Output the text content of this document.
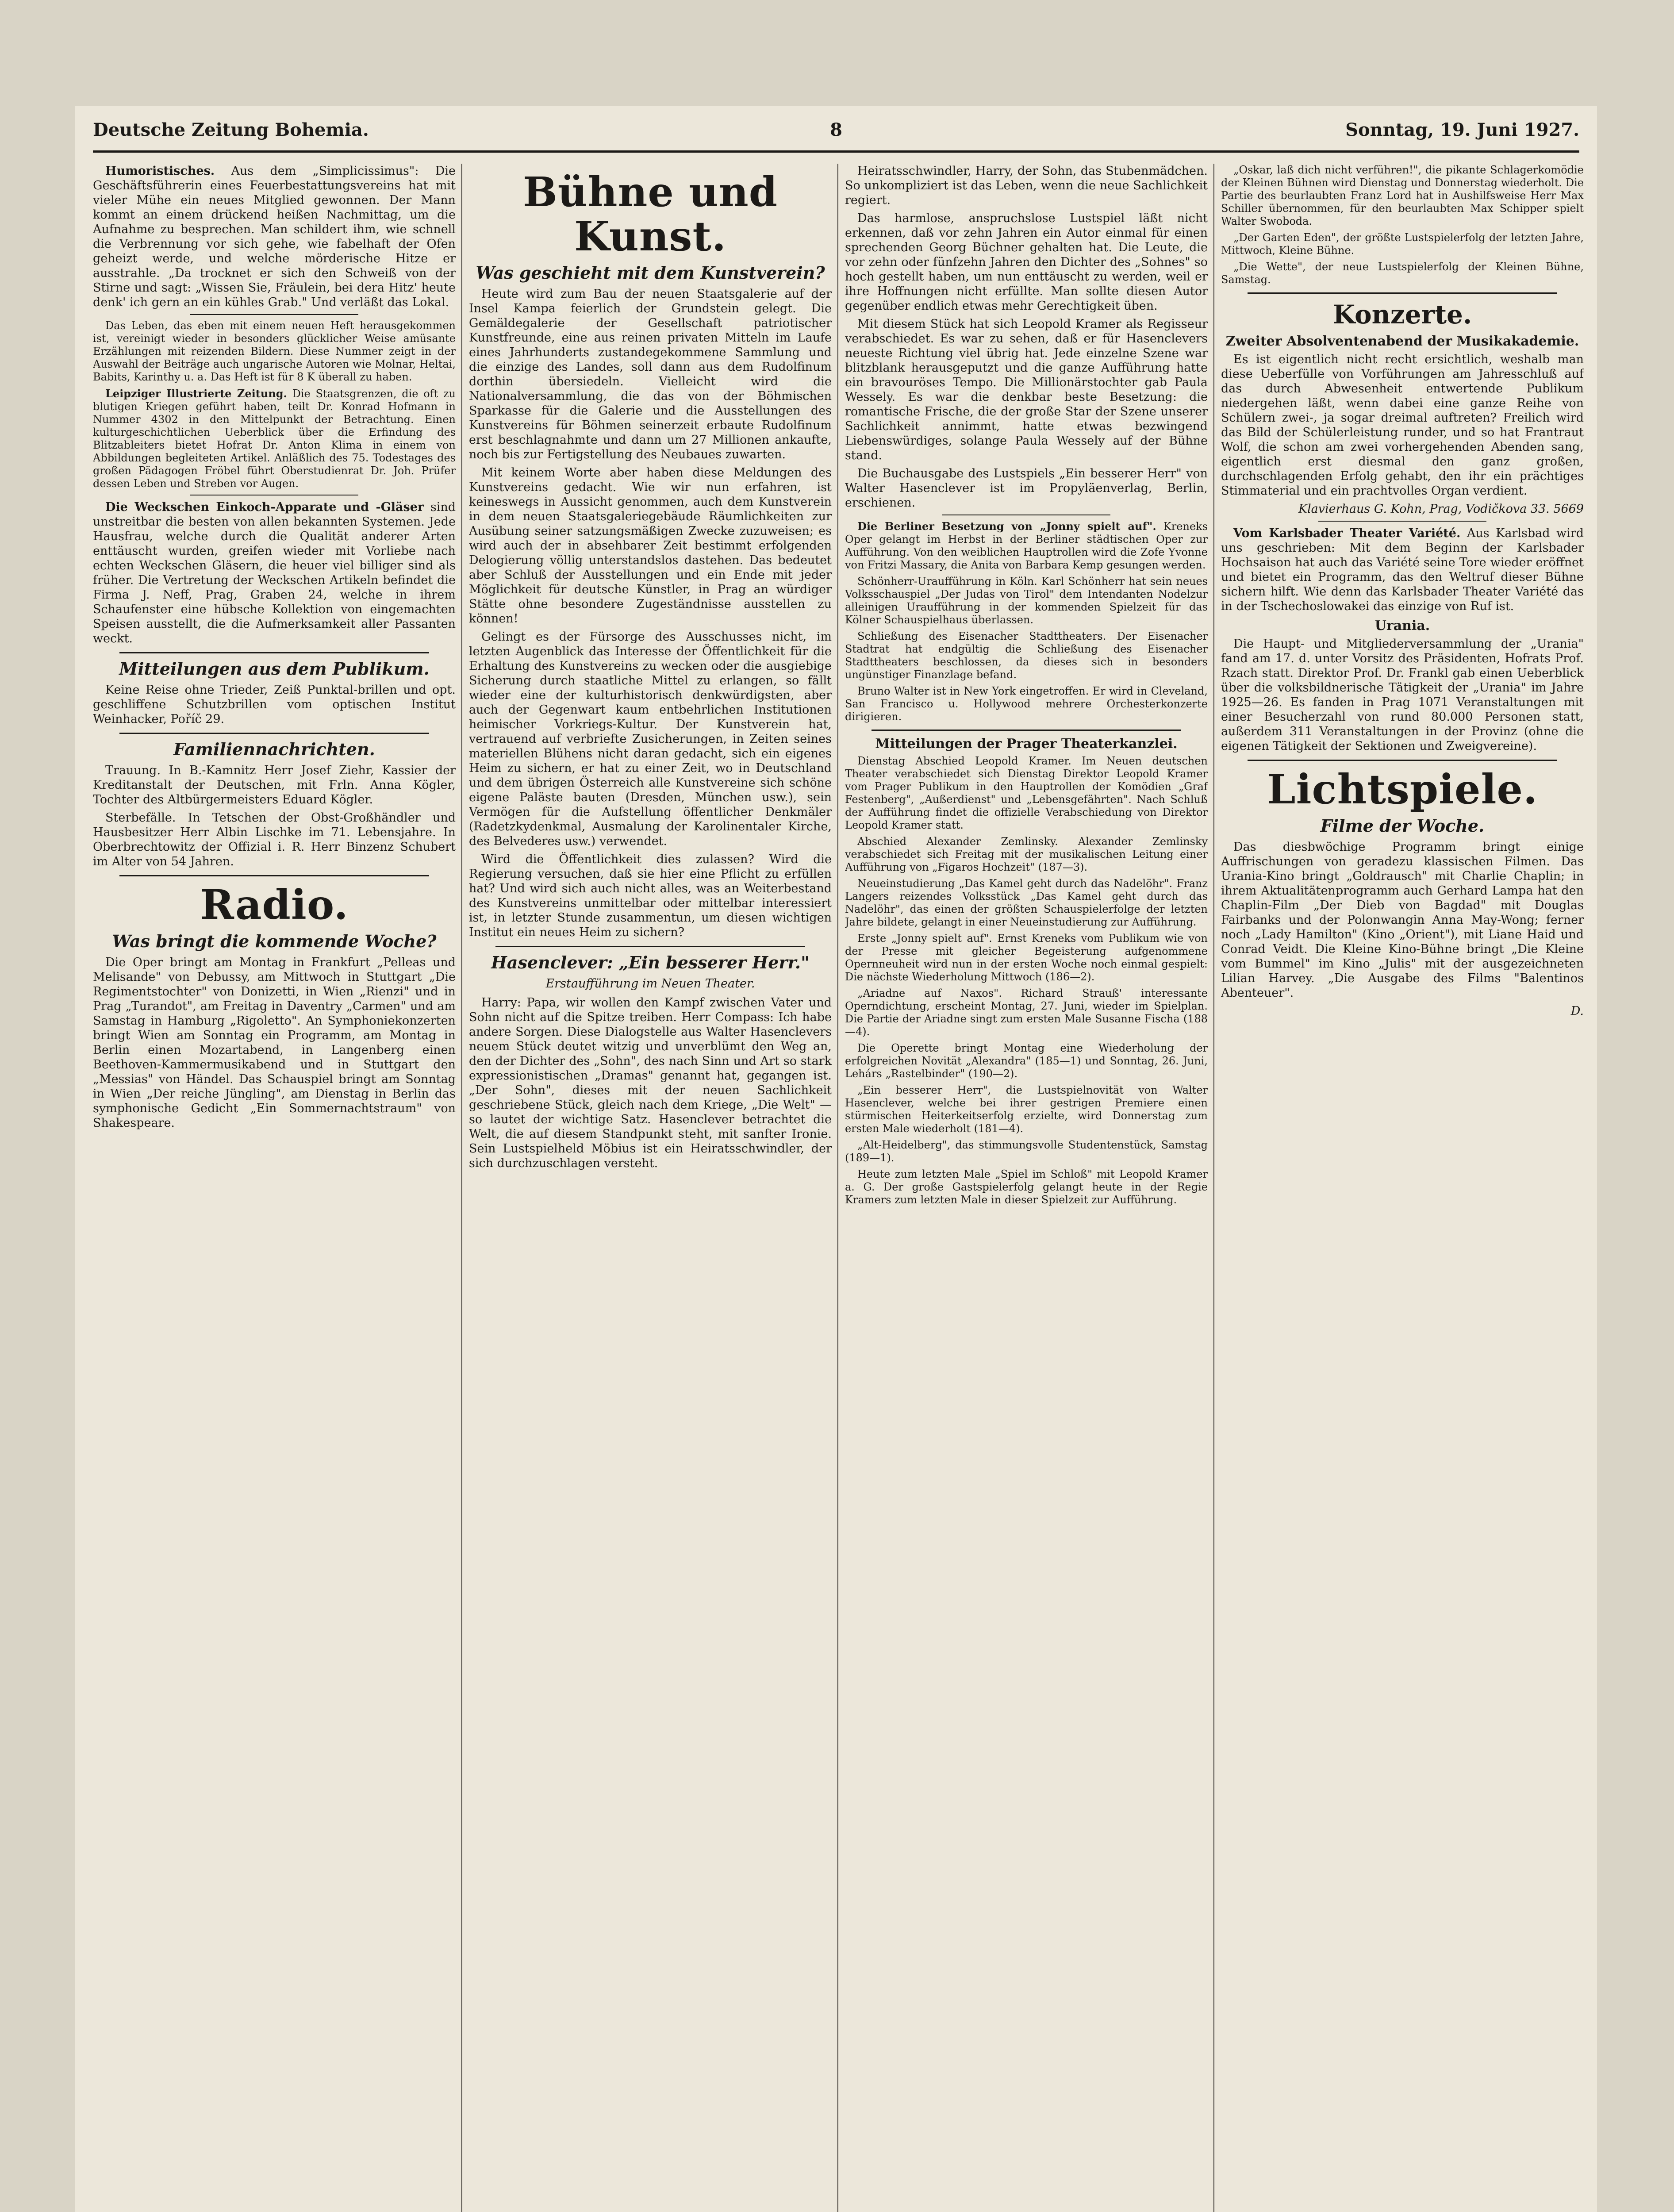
Deutsche Zeitung Bohemia.	8	Sonntag, 19. Juni 1927.

Humoristisches. Aus dem „Simplicissimus": Die Geschäftsführerin eines Feuerbestattungsvereins hat mit vieler Mühe ein neues Mitglied gewonnen. Der Mann kommt an einem drückend heißen Nachmittag, um die Aufnahme zu besprechen. Man schildert ihm, wie schnell die Verbrennung vor sich gehe, wie fabelhaft der Ofen geheizt werde, und welche mörderische Hitze er ausstrahle. „Da trocknet er sich den Schweiß von der Stirne und sagt: „Wissen Sie, Fräulein, bei dera Hitz' heute denk' ich gern an ein kühles Grab." Und verläßt das Lokal.

Das Leben, das eben mit einem neuen Heft herausgekommen ist, vereinigt wieder in besonders glücklicher Weise amüsante Erzählungen mit reizenden Bildern. Diese Nummer zeigt in der Auswahl der Beiträge auch ungarische Autoren wie Molnar, Heltai, Babits, Karinthy u. a. Das Heft ist für 8 K überall zu haben.

Leipziger Illustrierte Zeitung. Die Staatsgrenzen, die oft zu blutigen Kriegen geführt haben, teilt Dr. Konrad Hofmann in Nummer 4302 in den Mittelpunkt der Betrachtung. Einen kulturgeschichtlichen Ueberblick über die Erfindung des Blitzableiters bietet Hofrat Dr. Anton Klima in einem von Abbildungen begleiteten Artikel. Anläßlich des 75. Todestages des großen Pädagogen Fröbel führt Oberstudienrat Dr. Joh. Prüfer dessen Leben und Streben vor Augen.

Die Weckschen Einkoch-Apparate und -Gläser sind unstreitbar die besten von allen bekannten Systemen. Jede Hausfrau, welche durch die Qualität anderer Arten enttäuscht wurden, greifen wieder mit Vorliebe nach echten Weckschen Gläsern, die heuer viel billiger sind als früher. Die Vertretung der Weckschen Artikeln befindet die Firma J. Neff, Prag, Graben 24, welche in ihrem Schaufenster eine hübsche Kollektion von eingemachten Speisen ausstellt, die die Aufmerksamkeit aller Passanten weckt.

Mitteilungen aus dem Publikum.

Keine Reise ohne Trieder, Zeiß Punktal-brillen und opt. geschliffene Schutzbrillen vom optischen Institut Weinhacker, Poříč 29.

Familiennachrichten.

Trauung. In B.-Kamnitz Herr Josef Ziehr, Kassier der Kreditanstalt der Deutschen, mit Frln. Anna Kögler, Tochter des Altbürgermeisters Eduard Kögler.

Sterbefälle. In Tetschen der Obst-Großhändler und Hausbesitzer Herr Albin Lischke im 71. Lebensjahre. In Oberbrechtowitz der Offizial i. R. Herr Binzenz Schubert im Alter von 54 Jahren.

Radio.
Was bringt die kommende Woche?

Die Oper bringt am Montag in Frankfurt „Pelleas und Melisande" von Debussy, am Mittwoch in Stuttgart „Die Regimentstochter" von Donizetti, in Wien „Rienzi" und in Prag „Turandot", am Freitag in Daventry „Carmen" und am Samstag in Hamburg „Rigoletto". An Symphoniekonzerten bringt Wien am Sonntag ein Programm, am Montag in Berlin einen Mozartabend, in Langenberg einen Beethoven-Kammermusikabend und in Stuttgart den „Messias" von Händel. Das Schauspiel bringt am Sonntag in Wien „Der reiche Jüngling", am Dienstag in Berlin das symphonische Gedicht „Ein Sommernachtstraum" von Shakespeare.

Bühne und Kunst.
Was geschieht mit dem Kunstverein?

Heute wird zum Bau der neuen Staatsgalerie auf der Insel Kampa feierlich der Grundstein gelegt. Die Gemäldegalerie der Gesellschaft patriotischer Kunstfreunde, eine aus reinen privaten Mitteln im Laufe eines Jahrhunderts zustandegekommene Sammlung und die einzige des Landes, soll dann aus dem Rudolfinum dorthin übersiedeln. Vielleicht wird die Nationalversammlung, die das von der Böhmischen Sparkasse für die Galerie und die Ausstellungen des Kunstvereins für Böhmen seinerzeit erbaute Rudolfinum erst beschlagnahmte und dann um 27 Millionen ankaufte, noch bis zur Fertigstellung des Neubaues zuwarten.

Mit keinem Worte aber haben diese Meldungen des Kunstvereins gedacht. Wie wir nun erfahren, ist keineswegs in Aussicht genommen, auch dem Kunstverein in dem neuen Staatsgaleriegebäude Räumlichkeiten zur Ausübung seiner satzungsmäßigen Zwecke zuzuweisen; es wird auch der in absehbarer Zeit bestimmt erfolgenden Delogierung völlig unterstandslos dastehen. Das bedeutet aber Schluß der Ausstellungen und ein Ende mit jeder Möglichkeit für deutsche Künstler, in Prag an würdiger Stätte ohne besondere Zugeständnisse ausstellen zu können!

Gelingt es der Fürsorge des Ausschusses nicht, im letzten Augenblick das Interesse der Öffentlichkeit für die Erhaltung des Kunstvereins zu wecken oder die ausgiebige Sicherung durch staatliche Mittel zu erlangen, so fällt wieder eine der kulturhistorisch denkwürdigsten, aber auch der Gegenwart kaum entbehrlichen Institutionen heimischer Vorkriegs-Kultur. Der Kunstverein hat, vertrauend auf verbriefte Zusicherungen, in Zeiten seines materiellen Blühens nicht daran gedacht, sich ein eigenes Heim zu sichern, er hat zu einer Zeit, wo in Deutschland und dem übrigen Österreich alle Kunstvereine sich schöne eigene Paläste bauten (Dresden, München usw.), sein Vermögen für die Aufstellung öffentlicher Denkmäler (Radetzkydenkmal, Ausmalung der Karolinentaler Kirche, des Belvederes usw.) verwendet.

Wird die Öffentlichkeit dies zulassen? Wird die Regierung versuchen, daß sie hier eine Pflicht zu erfüllen hat? Und wird sich auch nicht alles, was an Weiterbestand des Kunstvereins unmittelbar oder mittelbar interessiert ist, in letzter Stunde zusammentun, um diesen wichtigen Institut ein neues Heim zu sichern?

Hasenclever: „Ein besserer Herr."
Erstaufführung im Neuen Theater.

Harry: Papa, wir wollen den Kampf zwischen Vater und Sohn nicht auf die Spitze treiben. Herr Compass: Ich habe andere Sorgen. Diese Dialogstelle aus Walter Hasenclevers neuem Stück deutet witzig und unverblümt den Weg an, den der Dichter des „Sohn", des nach Sinn und Art so stark expressionistischen „Dramas" genannt hat, gegangen ist. „Der Sohn", dieses mit der neuen Sachlichkeit geschriebene Stück, gleich nach dem Kriege, „Die Welt" — so lautet der wichtige Satz. Hasenclever betrachtet die Welt, die auf diesem Standpunkt steht, mit sanfter Ironie. Sein Lustspielheld Möbius ist ein Heiratsschwindler, der sich durchzuschlagen versteht.

Heiratsschwindler, Harry, der Sohn, das Stubenmädchen. So unkompliziert ist das Leben, wenn die neue Sachlichkeit regiert.

Das harmlose, anspruchslose Lustspiel läßt nicht erkennen, daß vor zehn Jahren ein Autor einmal für einen sprechenden Georg Büchner gehalten hat. Die Leute, die vor zehn oder fünfzehn Jahren den Dichter des „Sohnes" so hoch gestellt haben, um nun enttäuscht zu werden, weil er ihre Hoffnungen nicht erfüllte. Man sollte diesen Autor gegenüber endlich etwas mehr Gerechtigkeit üben.

Mit diesem Stück hat sich Leopold Kramer als Regisseur verabschiedet. Es war zu sehen, daß er für Hasenclevers neueste Richtung viel übrig hat. Jede einzelne Szene war blitzblank herausgeputzt und die ganze Aufführung hatte ein bravouröses Tempo. Die Millionärstochter gab Paula Wessely. Es war die denkbar beste Besetzung: die romantische Frische, die der große Star der Szene unserer Sachlichkeit annimmt, hatte etwas bezwingend Liebenswürdiges, solange Paula Wessely auf der Bühne stand.

Die Buchausgabe des Lustspiels „Ein besserer Herr" von Walter Hasenclever ist im Propyläenverlag, Berlin, erschienen.

Die Berliner Besetzung von „Jonny spielt auf". Kreneks Oper gelangt im Herbst in der Berliner städtischen Oper zur Aufführung. Von den weiblichen Hauptrollen wird die Zofe Yvonne von Fritzi Massary, die Anita von Barbara Kemp gesungen werden.

Schönherr-Uraufführung in Köln. Karl Schönherr hat sein neues Volksschauspiel „Der Judas von Tirol" dem Intendanten Nodelzur alleinigen Uraufführung in der kommenden Spielzeit für das Kölner Schauspielhaus überlassen.

Schließung des Eisenacher Stadttheaters. Der Eisenacher Stadtrat hat endgültig die Schließung des Eisenacher Stadttheaters beschlossen, da dieses sich in besonders ungünstiger Finanzlage befand.

Bruno Walter ist in New York eingetroffen. Er wird in Cleveland, San Francisco u. Hollywood mehrere Orchesterkonzerte dirigieren.

Mitteilungen der Prager Theaterkanzlei.

Dienstag Abschied Leopold Kramer. Im Neuen deutschen Theater verabschiedet sich Dienstag Direktor Leopold Kramer vom Prager Publikum in den Hauptrollen der Komödien „Graf Festenberg", „Außerdienst" und „Lebensgefährten". Nach Schluß der Aufführung findet die offizielle Verabschiedung von Direktor Leopold Kramer statt.

Abschied Alexander Zemlinsky. Alexander Zemlinsky verabschiedet sich Freitag mit der musikalischen Leitung einer Aufführung von „Figaros Hochzeit" (187—3).

Neueinstudierung „Das Kamel geht durch das Nadelöhr". Franz Langers reizendes Volksstück „Das Kamel geht durch das Nadelöhr", das einen der größten Schauspielerfolge der letzten Jahre bildete, gelangt in einer Neueinstudierung zur Aufführung.

Erste „Jonny spielt auf". Ernst Kreneks vom Publikum wie von der Presse mit gleicher Begeisterung aufgenommene Opernneuheit wird nun in der ersten Woche noch einmal gespielt: Die nächste Wiederholung Mittwoch (186—2).

„Ariadne auf Naxos". Richard Strauß' interessante Operndichtung, erscheint Montag, 27. Juni, wieder im Spielplan. Die Partie der Ariadne singt zum ersten Male Susanne Fischa (188—4).

Die Operette bringt Montag eine Wiederholung der erfolgreichen Novität „Alexandra" (185—1) und Sonntag, 26. Juni, Lehárs „Rastelbinder" (190—2).

„Ein besserer Herr", die Lustspielnovität von Walter Hasenclever, welche bei ihrer gestrigen Premiere einen stürmischen Heiterkeitserfolg erzielte, wird Donnerstag zum ersten Male wiederholt (181—4).

„Alt-Heidelberg", das stimmungsvolle Studentenstück, Samstag (189—1).

Heute zum letzten Male „Spiel im Schloß" mit Leopold Kramer a. G. Der große Gastspielerfolg gelangt heute in der Regie Kramers zum letzten Male in dieser Spielzeit zur Aufführung.

„Oskar, laß dich nicht verführen!", die pikante Schlagerkomödie der Kleinen Bühnen wird Dienstag und Donnerstag wiederholt. Die Partie des beurlaubten Franz Lord hat in Aushilfsweise Herr Max Schiller übernommen, für den beurlaubten Max Schipper spielt Walter Swoboda.

„Der Garten Eden", der größte Lustspielerfolg der letzten Jahre, Mittwoch, Kleine Bühne.

„Die Wette", der neue Lustspielerfolg der Kleinen Bühne, Samstag.

Konzerte.
Zweiter Absolventenabend der Musikakademie.

Es ist eigentlich nicht recht ersichtlich, weshalb man diese Ueberfülle von Vorführungen am Jahresschluß auf das durch Abwesenheit entwertende Publikum niedergehen läßt, wenn dabei eine ganze Reihe von Schülern zwei-, ja sogar dreimal auftreten? Freilich wird das Bild der Schülerleistung runder, und so hat Frantraut Wolf, die schon am zwei vorhergehenden Abenden sang, eigentlich erst diesmal den ganz großen, durchschlagenden Erfolg gehabt, den ihr ein prächtiges Stimmaterial und ein prachtvolles Organ verdient.

Klavierhaus G. Kohn, Prag, Vodičkova 33. 5669

Vom Karlsbader Theater Variété. Aus Karlsbad wird uns geschrieben: Mit dem Beginn der Karlsbader Hochsaison hat auch das Variété seine Tore wieder eröffnet und bietet ein Programm, das den Weltruf dieser Bühne sichern hilft. Wie denn das Karlsbader Theater Variété das in der Tschechoslowakei das einzige von Ruf ist.

Urania.

Die Haupt- und Mitgliederversammlung der „Urania" fand am 17. d. unter Vorsitz des Präsidenten, Hofrats Prof. Rzach statt. Direktor Prof. Dr. Frankl gab einen Ueberblick über die volksbildnerische Tätigkeit der „Urania" im Jahre 1925—26. Es fanden in Prag 1071 Veranstaltungen mit einer Besucherzahl von rund 80.000 Personen statt, außerdem 311 Veranstaltungen in der Provinz (ohne die eigenen Tätigkeit der Sektionen und Zweigvereine).

Lichtspiele.
Filme der Woche.

Das diesbwöchige Programm bringt einige Auffrischungen von geradezu klassischen Filmen. Das Urania-Kino bringt „Goldrausch" mit Charlie Chaplin; in ihrem Aktualitätenprogramm auch Gerhard Lampa hat den Chaplin-Film „Der Dieb von Bagdad" mit Douglas Fairbanks und der Polonwangin Anna May-Wong; ferner noch „Lady Hamilton" (Kino „Orient"), mit Liane Haid und Conrad Veidt. Die Kleine Kino-Bühne bringt „Die Kleine vom Bummel" im Kino „Julis" mit der ausgezeichneten Lilian Harvey. „Die Ausgabe des Films "Balentinos Abenteuer".

D.
